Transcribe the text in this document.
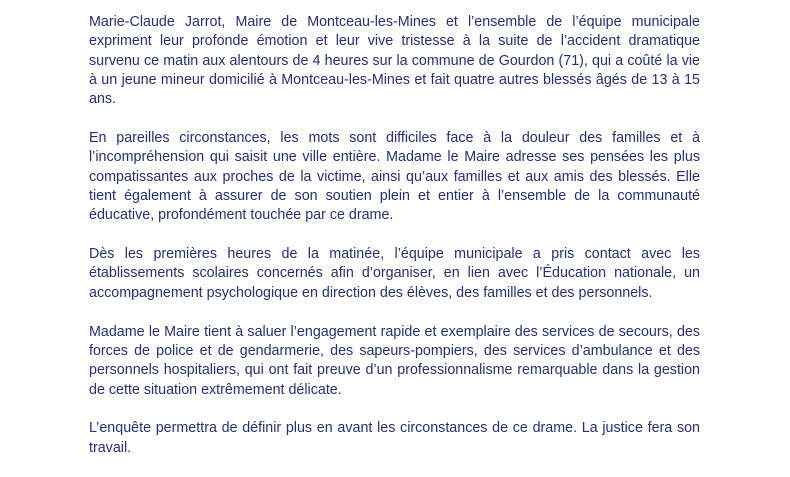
Marie-Claude Jarrot, Maire de Montceau-les-Mines et l’ensemble de l’équipe municipale expriment leur profonde émotion et leur vive tristesse à la suite de l’accident dramatique survenu ce matin aux alentours de 4 heures sur la commune de Gourdon (71), qui a coûté la vie à un jeune mineur domicilié à Montceau-les-Mines et fait quatre autres blessés âgés de 13 à 15 ans.

En pareilles circonstances, les mots sont difficiles face à la douleur des familles et à l’incompréhension qui saisit une ville entière. Madame le Maire adresse ses pensées les plus compatissantes aux proches de la victime, ainsi qu’aux familles et aux amis des blessés. Elle tient également à assurer de son soutien plein et entier à l’ensemble de la communauté éducative, profondément touchée par ce drame.

Dès les premières heures de la matinée, l’équipe municipale a pris contact avec les établissements scolaires concernés afin d’organiser, en lien avec l’Éducation nationale, un accompagnement psychologique en direction des élèves, des familles et des personnels.

Madame le Maire tient à saluer l’engagement rapide et exemplaire des services de secours, des forces de police et de gendarmerie, des sapeurs-pompiers, des services d’ambulance et des personnels hospitaliers, qui ont fait preuve d’un professionnalisme remarquable dans la gestion de cette situation extrêmement délicate.

L’enquête permettra de définir plus en avant les circonstances de ce drame. La justice fera son travail.
